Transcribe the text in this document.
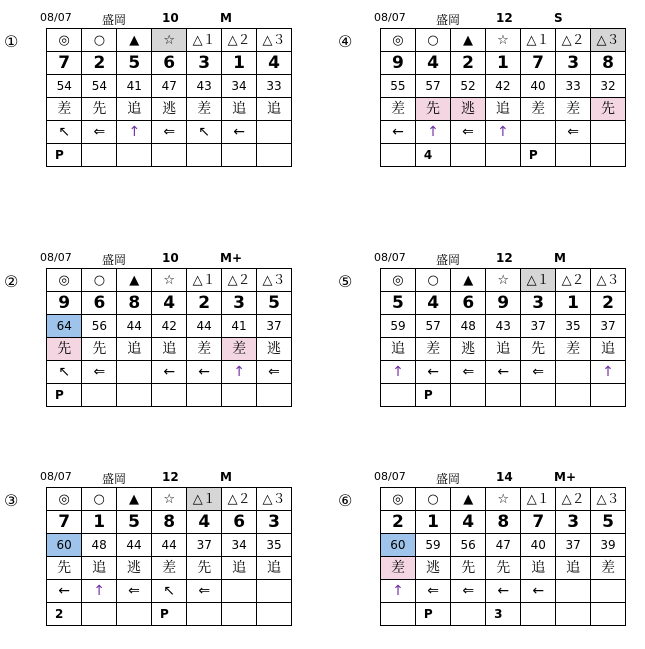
①
08/07	盛岡	10	M
◎	○	▲	☆	△１	△２	△３
7	2	5	6	3	1	4
54	54	41	47	43	34	33
差	先	追	逃	差	追	追
↖	⇐	↑	⇐	↖	←	
P						
④
08/07	盛岡	12	S
◎	○	▲	☆	△１	△２	△３
9	4	2	1	7	3	8
55	57	52	42	40	33	32
差	先	逃	追	差	差	先
←	↑	⇐	↑		⇐	
	4			P		
②
08/07	盛岡	10	M+
◎	○	▲	☆	△１	△２	△３
9	6	8	4	2	3	5
64	56	44	42	44	41	37
先	先	追	追	差	差	逃
↖	⇐		←	←	↑	⇐
P						
⑤
08/07	盛岡	12	M
◎	○	▲	☆	△１	△２	△３
5	4	6	9	3	1	2
59	57	48	43	37	35	37
追	差	逃	追	先	差	追
↑	←	⇐	←	⇐		↑
	P					
③
08/07	盛岡	12	M
◎	○	▲	☆	△１	△２	△３
7	1	5	8	4	6	3
60	48	44	44	37	34	35
先	追	逃	差	先	追	追
←	↑	⇐	↖	⇐		
2			P			
⑥
08/07	盛岡	14	M+
◎	○	▲	☆	△１	△２	△３
2	1	4	8	7	3	5
60	59	56	47	40	37	39
差	逃	先	先	追	追	差
↑	⇐	⇐	←	←		
	P		3			
